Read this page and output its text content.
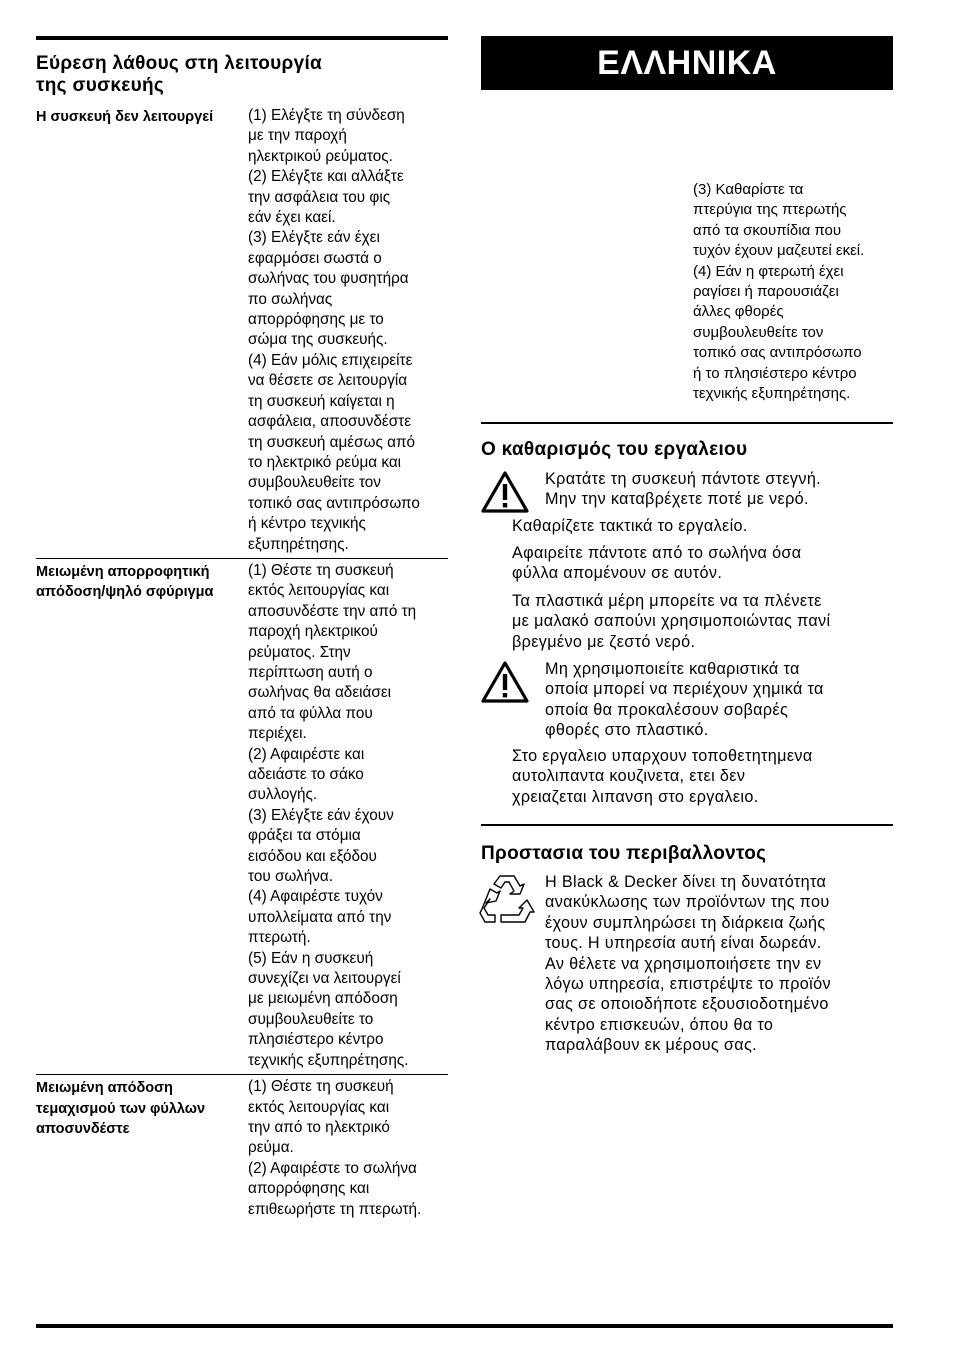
ΕΛΛΗΝΙΚΑ
Εύρεση λάθους στη λειτουργία
της συσκευής
Η συσκευή δεν λειτουργεί	(1) Ελέγξτε τη σύνδεση
με την παροχή
ηλεκτρικού ρεύματος.
(2) Ελέγξτε και αλλάξτε
την ασφάλεια του φις
εάν έχει καεί.
(3) Ελέγξτε εάν έχει
εφαρμόσει σωστά ο
σωλήνας του φυσητήρα
πο σωλήνας
απορρόφησης με το
σώμα της συσκευής.
(4) Εάν μόλις επιχειρείτε
να θέσετε σε λειτουργία
τη συσκευή καίγεται η
ασφάλεια, αποσυνδέστε
τη συσκευή αμέσως από
το ηλεκτρικό ρεύμα και
συμβουλευθείτε τον
τοπικό σας αντιπρόσωπο
ή κέντρο τεχνικής
εξυπηρέτησης.
Μειωμένη απορροφητική απόδοση/ψηλό σφύριγμα
(1) Θέστε τη συσκευή
εκτός λειτουργίας και
αποσυνδέστε την από τη
παροχή ηλεκτρικού
ρεύματος. Στην
περίπτωση αυτή ο
σωλήνας θα αδειάσει
από τα φύλλα που
περιέχει.
(2) Αφαιρέστε και
αδειάστε το σάκο
συλλογής.
(3) Ελέγξτε εάν έχουν
φράξει τα στόμια
εισόδου και εξόδου
του σωλήνα.
(4) Αφαιρέστε τυχόν
υπολλείματα από την
πτερωτή.
(5) Εάν η συσκευή
συνεχίζει να λειτουργεί
με μειωμένη απόδοση
συμβουλευθείτε το
πλησιέστερο κέντρο
τεχνικής εξυπηρέτησης.
Μειωμένη απόδοση τεμαχισμού των φύλλων αποσυνδέστε
(1) Θέστε τη συσκευή
εκτός λειτουργίας και
την από το ηλεκτρικό
ρεύμα.
(2) Αφαιρέστε το σωλήνα
απορρόφησης και
επιθεωρήστε τη πτερωτή.
(3) Καθαρίστε τα
πτερύγια της πτερωτής
από τα σκουπίδια που
τυχόν έχουν μαζευτεί εκεί.
(4) Εάν η φτερωτή έχει
ραγίσει ή παρουσιάζει
άλλες φθορές
συμβουλευθείτε τον
τοπικό σας αντιπρόσωπο
ή το πλησιέστερο κέντρο
τεχνικής εξυπηρέτησης.
Ο καθαρισμός του εργαλειου
Κρατάτε τη συσκευή πάντοτε στεγνή.
Μην την καταβρέχετε ποτέ με νερό.
Καθαρίζετε τακτικά το εργαλείο.
Αφαιρείτε πάντοτε από το σωλήνα όσα
φύλλα απομένουν σε αυτόν.
Τα πλαστικά μέρη μπορείτε να τα πλένετε
με μαλακό σαπούνι χρησιμοποιώντας πανί
βρεγμένο με ζεστό νερό.
Μη χρησιμοποιείτε καθαριστικά τα
οποία μπορεί να περιέχουν χημικά τα
οποία θα προκαλέσουν σοβαρές
φθορές στο πλαστικό.
Στο εργαλειο υπαρχουν τοποθετητημενα
αυτολιπαντα κουζινετα, ετει δεν
χρειαζεται λιπανση στο εργαλειο.
Προστασια του περιβαλλοντος
Η Black & Decker δίνει τη δυνατότητα
ανακύκλωσης των προϊόντων της που
έχουν συμπληρώσει τη διάρκεια ζωής
τους. Η υπηρεσία αυτή είναι δωρεάν.
Αν θέλετε να χρησιμοποιήσετε την εν
λόγω υπηρεσία, επιστρέψτε το προϊόν
σας σε οποιοδήποτε εξουσιοδοτημένο
κέντρο επισκευών, όπου θα το
παραλάβουν εκ μέρους σας.
